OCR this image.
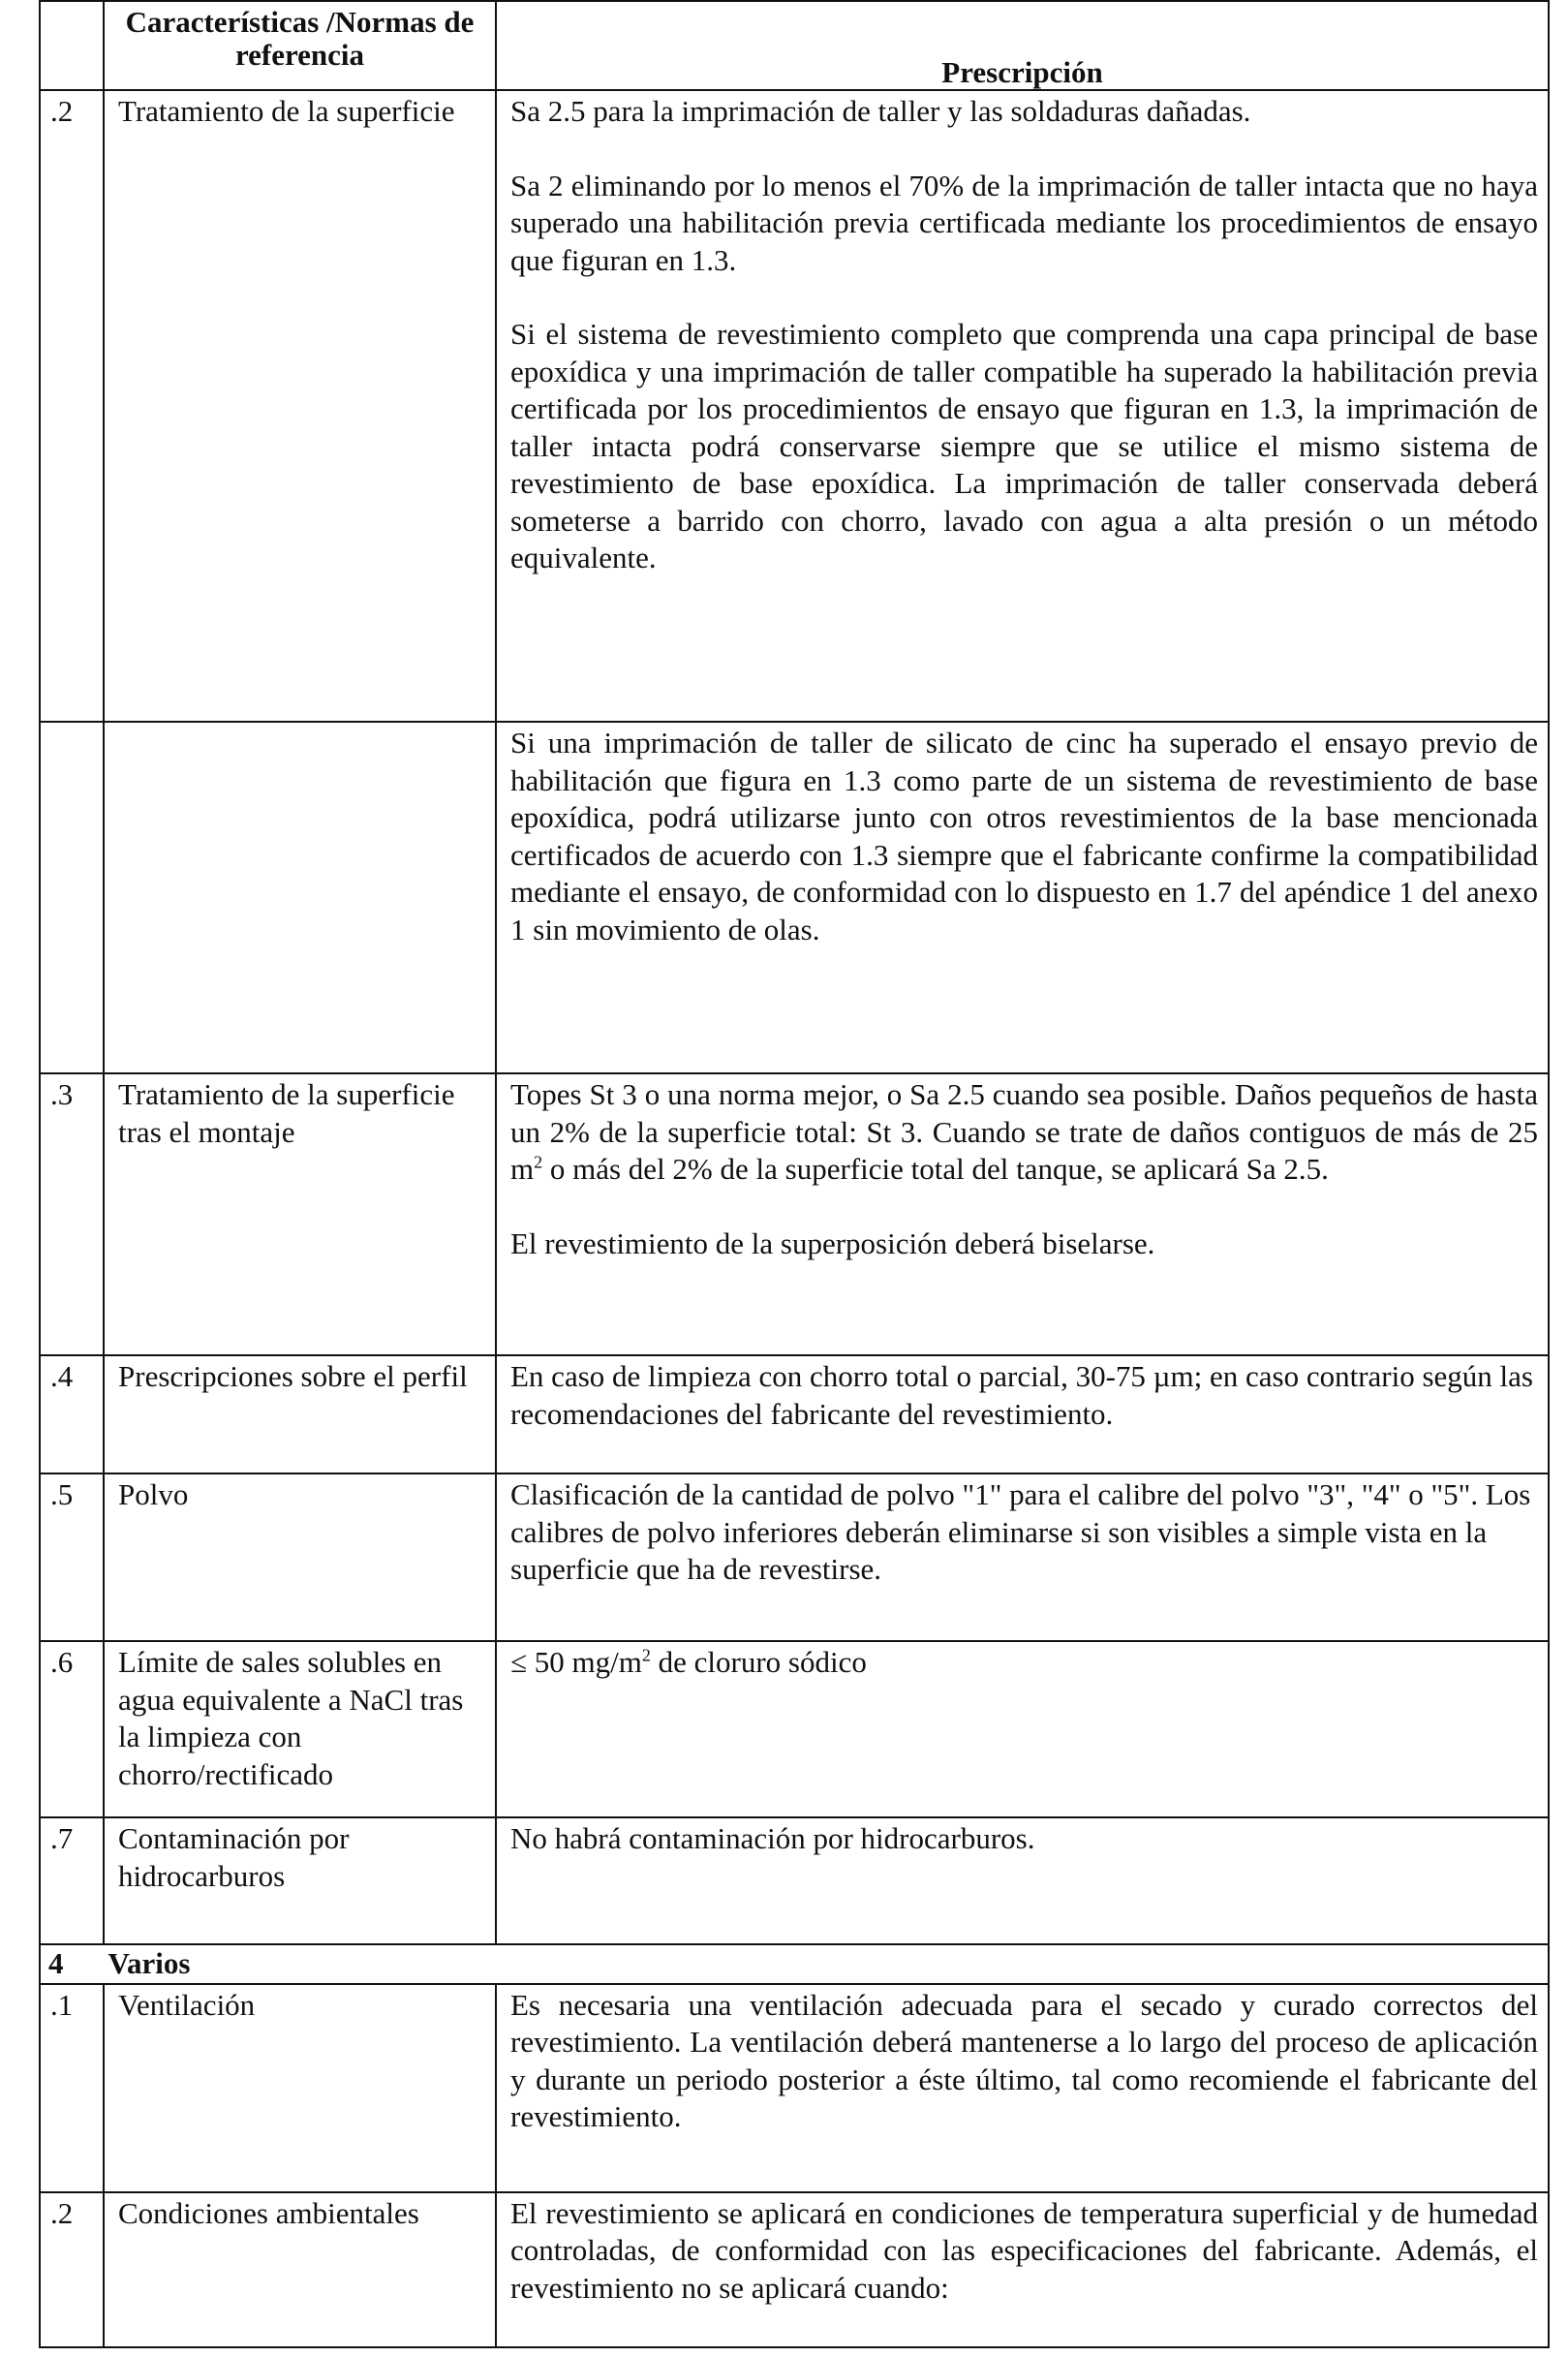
	Características /Normas de referencia	Prescripción
.2	Tratamiento de la superficie	Sa 2.5 para la imprimación de taller y las soldaduras dañadas.

Sa 2 eliminando por lo menos el 70% de la imprimación de taller intacta que no haya superado una habilitación previa certificada mediante los procedimientos de ensayo que figuran en 1.3.

Si el sistema de revestimiento completo que comprenda una capa principal de base epoxídica y una imprimación de taller compatible ha superado la habilitación previa certificada por los procedimientos de ensayo que figuran en 1.3, la imprimación de taller intacta podrá conservarse siempre que se utilice el mismo sistema de revestimiento de base epoxídica. La imprimación de taller conservada deberá someterse a barrido con chorro, lavado con agua a alta presión o un método equivalente.

		Si una imprimación de taller de silicato de cinc ha superado el ensayo previo de habilitación que figura en 1.3 como parte de un sistema de revestimiento de base epoxídica, podrá utilizarse junto con otros revestimientos de la base mencionada certificados de acuerdo con 1.3 siempre que el fabricante confirme la compatibilidad mediante el ensayo, de conformidad con lo dispuesto en 1.7 del apéndice 1 del anexo 1 sin movimiento de olas.

.3	Tratamiento de la superficie tras el montaje	Topes St 3 o una norma mejor, o Sa 2.5 cuando sea posible. Daños pequeños de hasta un 2% de la superficie total: St 3. Cuando se trate de daños contiguos de más de 25 $m^2$ o más del 2% de la superficie total del tanque, se aplicará Sa 2.5.

El revestimiento de la superposición deberá biselarse.

.4	Prescripciones sobre el perfil	En caso de limpieza con chorro total o parcial, 30-75 µm; en caso contrario según las recomendaciones del fabricante del revestimiento.

.5	Polvo	Clasificación de la cantidad de polvo "1" para el calibre del polvo "3", "4" o "5". Los calibres de polvo inferiores deberán eliminarse si son visibles a simple vista en la superficie que ha de revestirse.

.6	Límite de sales solubles en agua equivalente a NaCl tras la limpieza con chorro/rectificado	≤ 50 $mg/m^2$ de cloruro sódico

.7	Contaminación por hidrocarburos	No habrá contaminación por hidrocarburos.

4 Varios		
.1	Ventilación	Es necesaria una ventilación adecuada para el secado y curado correctos del revestimiento. La ventilación deberá mantenerse a lo largo del proceso de aplicación y durante un periodo posterior a éste último, tal como recomiende el fabricante del revestimiento.

.2	Condiciones ambientales	El revestimiento se aplicará en condiciones de temperatura superficial y de humedad controladas, de conformidad con las especificaciones del fabricante. Además, el revestimiento no se aplicará cuando:
